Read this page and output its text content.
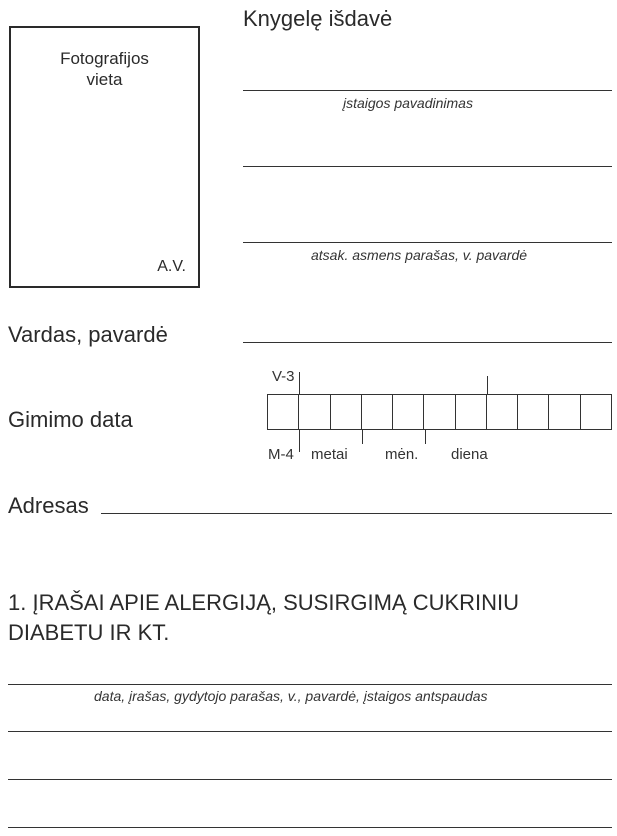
Fotografijos
vieta
A.V.
Knygelę išdavė
įstaigos pavadinimas
atsak. asmens parašas, v. pavardė
Vardas, pavardė
Gimimo data
V-3
M-4 metai mėn. diena
Adresas
1. ĮRAŠAI APIE ALERGIJĄ, SUSIRGIMĄ CUKRINIU DIABETU IR KT.
data, įrašas, gydytojo parašas, v., pavardė, įstaigos antspaudas
